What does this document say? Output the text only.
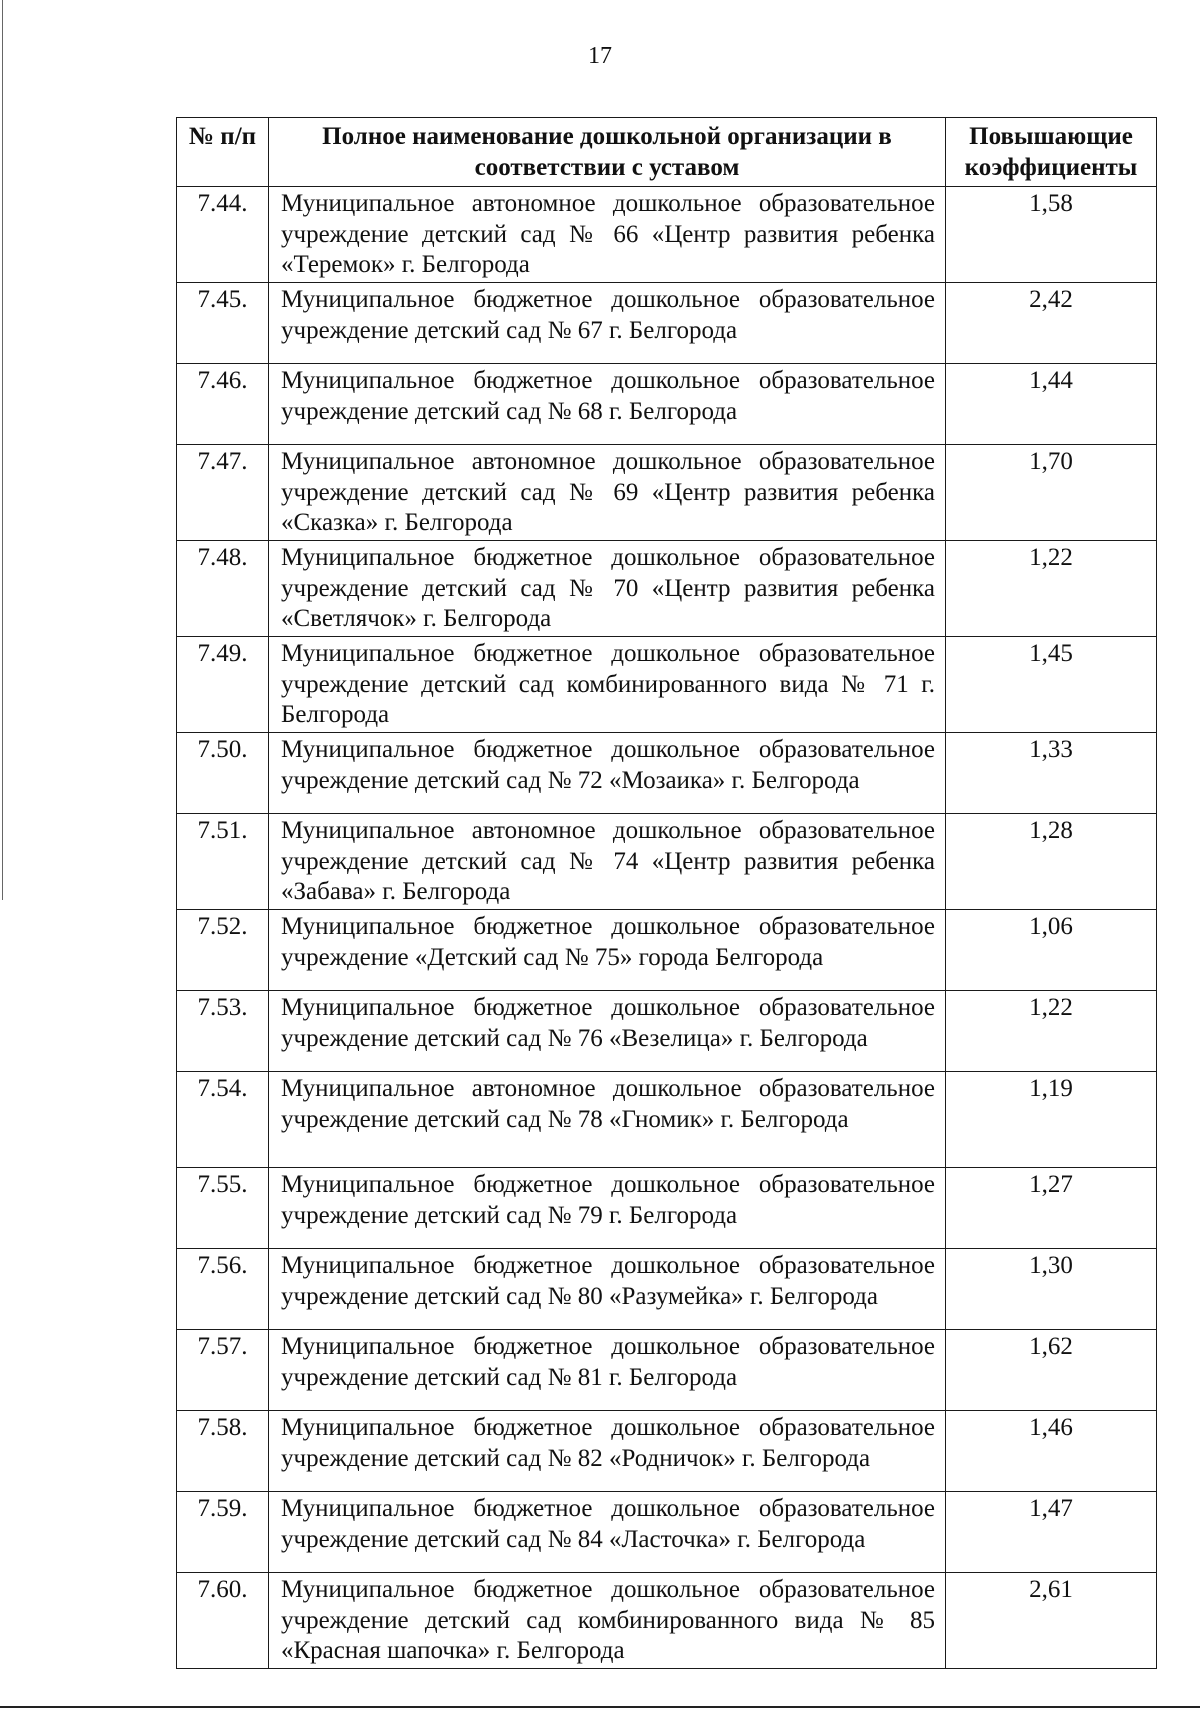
17
№ п/п	Полное наименование дошкольной организации в соответствии с уставом	Повышающие коэффициенты
7.44.	Муниципальное автономное дошкольное образовательное учреждение детский сад № 66 «Центр развития ребенка «Теремок» г. Белгорода	1,58
7.45.	Муниципальное бюджетное дошкольное образовательное учреждение детский сад № 67 г. Белгорода	2,42
7.46.	Муниципальное бюджетное дошкольное образовательное учреждение детский сад № 68 г. Белгорода	1,44
7.47.	Муниципальное автономное дошкольное образовательное учреждение детский сад № 69 «Центр развития ребенка «Сказка» г. Белгорода	1,70
7.48.	Муниципальное бюджетное дошкольное образовательное учреждение детский сад № 70 «Центр развития ребенка «Светлячок» г. Белгорода	1,22
7.49.	Муниципальное бюджетное дошкольное образовательное учреждение детский сад комбинированного вида № 71 г. Белгорода	1,45
7.50.	Муниципальное бюджетное дошкольное образовательное учреждение детский сад № 72 «Мозаика» г. Белгорода	1,33
7.51.	Муниципальное автономное дошкольное образовательное учреждение детский сад № 74 «Центр развития ребенка «Забава» г. Белгорода	1,28
7.52.	Муниципальное бюджетное дошкольное образовательное учреждение «Детский сад № 75» города Белгорода	1,06
7.53.	Муниципальное бюджетное дошкольное образовательное учреждение детский сад № 76 «Везелица» г. Белгорода	1,22
7.54.	Муниципальное автономное дошкольное образовательное учреждение детский сад № 78 «Гномик» г. Белгорода	1,19
7.55.	Муниципальное бюджетное дошкольное образовательное учреждение детский сад № 79 г. Белгорода	1,27
7.56.	Муниципальное бюджетное дошкольное образовательное учреждение детский сад № 80 «Разумейка» г. Белгорода	1,30
7.57.	Муниципальное бюджетное дошкольное образовательное учреждение детский сад № 81 г. Белгорода	1,62
7.58.	Муниципальное бюджетное дошкольное образовательное учреждение детский сад № 82 «Родничок» г. Белгорода	1,46
7.59.	Муниципальное бюджетное дошкольное образовательное учреждение детский сад № 84 «Ласточка» г. Белгорода	1,47
7.60.	Муниципальное бюджетное дошкольное образовательное учреждение детский сад комбинированного вида № 85 «Красная шапочка» г. Белгорода	2,61
